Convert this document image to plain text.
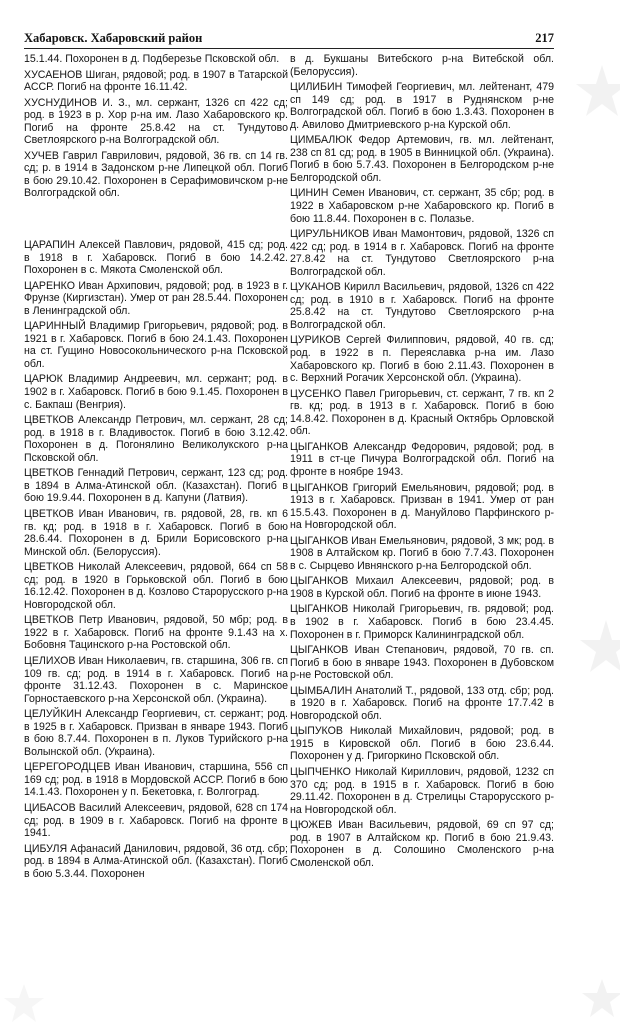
Хабаровск. Хабаровский район	217
15.1.44. Похоронен в д. Подберезье Псковской обл.
ХУСАЕНОВ Шиган, рядовой; род. в 1907 в Татарской АССР. Погиб на фронте 16.11.42.
ХУСНУДИНОВ И. З., мл. сержант, 1326 сп 422 сд; род. в 1923 в р. Хор р-на им. Лазо Хабаровского кр. Погиб на фронте 25.8.42 на ст. Тундутово Светлоярского р-на Волгоградской обл.
ХУЧЕВ Гаврил Гаврилович, рядовой, 36 гв. сп 14 гв. сд; р. в 1914 в Задонском р-не Липецкой обл. Погиб в бою 29.10.42. Похоронен в Серафимовичском р-не Волгоградской обл.
ЦАРАПИН Алексей Павлович, рядовой, 415 сд; род. в 1918 в г. Хабаровск. Погиб в бою 14.2.42. Похоронен в с. Мякота Смоленской обл.
ЦАРЕНКО Иван Архипович, рядовой; род. в 1923 в г. Фрунзе (Киргизстан). Умер от ран 28.5.44. Похоронен в Ленинградской обл.
ЦАРИННЫЙ Владимир Григорьевич, рядовой; род. в 1921 в г. Хабаровск. Погиб в бою 24.1.43. Похоронен на ст. Гущино Новосокольнического р-на Псковской обл.
ЦАРЮК Владимир Андреевич, мл. сержант; род. в 1902 в г. Хабаровск. Погиб в бою 9.1.45. Похоронен в с. Бакпаш (Венгрия).
ЦВЕТКОВ Александр Петрович, мл. сержант, 28 сд; род. в 1918 в г. Владивосток. Погиб в бою 3.12.42. Похоронен в д. Погонялино Великолукского р-на Псковской обл.
ЦВЕТКОВ Геннадий Петрович, сержант, 123 сд; род. в 1894 в Алма-Атинской обл. (Казахстан). Погиб в бою 19.9.44. Похоронен в д. Капуни (Латвия).
ЦВЕТКОВ Иван Иванович, гв. рядовой, 28, гв. кп 6 гв. кд; род. в 1918 в г. Хабаровск. Погиб в бою 28.6.44. Похоронен в д. Брили Борисовского р-на Минской обл. (Белоруссия).
ЦВЕТКОВ Николай Алексеевич, рядовой, 664 сп 58 сд; род. в 1920 в Горьковской обл. Погиб в бою 16.12.42. Похоронен в д. Козлово Старорусского р-на Новгородской обл.
ЦВЕТКОВ Петр Иванович, рядовой, 50 мбр; род. в 1922 в г. Хабаровск. Погиб на фронте 9.1.43 на х. Бобовня Тацинского р-на Ростовской обл.
ЦЕЛИХОВ Иван Николаевич, гв. старшина, 306 гв. сп 109 гв. сд; род. в 1914 в г. Хабаровск. Погиб на фронте 31.12.43. Похоронен в с. Маринское Горностаевского р-на Херсонской обл. (Украина).
ЦЕЛУЙКИН Александр Георгиевич, ст. сержант; род. в 1925 в г. Хабаровск. Призван в январе 1943. Погиб в бою 8.7.44. Похоронен в п. Луков Турийского р-на Волынской обл. (Украина).
ЦЕРЕГОРОДЦЕВ Иван Иванович, старшина, 556 сп 169 сд; род. в 1918 в Мордовской АССР. Погиб в бою 14.1.43. Похоронен у п. Бекетовка, г. Волгоград.
ЦИБАСОВ Василий Алексеевич, рядовой, 628 сп 174 сд; род. в 1909 в г. Хабаровск. Погиб на фронте в 1941.
ЦИБУЛЯ Афанасий Данилович, рядовой, 36 отд. сбр; род. в 1894 в Алма-Атинской обл. (Казахстан). Погиб в бою 5.3.44. Похоронен
в д. Букшаны Витебского р-на Витебской обл. (Белоруссия).
ЦИЛИБИН Тимофей Георгиевич, мл. лейтенант, 479 сп 149 сд; род. в 1917 в Руднянском р-не Волгоградской обл. Погиб в бою 1.3.43. Похоронен в д. Авилово Дмитриевского р-на Курской обл.
ЦИМБАЛЮК Федор Артемович, гв. мл. лейтенант, 238 сп 81 сд; род. в 1905 в Винницкой обл. (Украина). Погиб в бою 5.7.43. Похоронен в Белгородском р-не Белгородской обл.
ЦИНИН Семен Иванович, ст. сержант, 35 сбр; род. в 1922 в Хабаровском р-не Хабаровского кр. Погиб в бою 11.8.44. Похоронен в с. Полазье.
ЦИРУЛЬНИКОВ Иван Мамонтович, рядовой, 1326 сп 422 сд; род. в 1914 в г. Хабаровск. Погиб на фронте 27.8.42 на ст. Тундутово Светлоярского р-на Волгоградской обл.
ЦУКАНОВ Кирилл Васильевич, рядовой, 1326 сп 422 сд; род. в 1910 в г. Хабаровск. Погиб на фронте 25.8.42 на ст. Тундутово Светлоярского р-на Волгоградской обл.
ЦУРИКОВ Сергей Филиппович, рядовой, 40 гв. сд; род. в 1922 в п. Переяславка р-на им. Лазо Хабаровского кр. Погиб в бою 2.11.43. Похоронен в с. Верхний Рогачик Херсонской обл. (Украина).
ЦУСЕНКО Павел Григорьевич, ст. сержант, 7 гв. кп 2 гв. кд; род. в 1913 в г. Хабаровск. Погиб в бою 14.8.42. Похоронен в д. Красный Октябрь Орловской обл.
ЦЫГАНКОВ Александр Федорович, рядовой; род. в 1911 в ст-це Пичура Волгоградской обл. Погиб на фронте в ноябре 1943.
ЦЫГАНКОВ Григорий Емельянович, рядовой; род. в 1913 в г. Хабаровск. Призван в 1941. Умер от ран 15.5.43. Похоронен в д. Мануйлово Парфинского р-на Новгородской обл.
ЦЫГАНКОВ Иван Емельянович, рядовой, 3 мк; род. в 1908 в Алтайском кр. Погиб в бою 7.7.43. Похоронен в с. Сырцево Ивнянского р-на Белгородской обл.
ЦЫГАНКОВ Михаил Алексеевич, рядовой; род. в 1908 в Курской обл. Погиб на фронте в июне 1943.
ЦЫГАНКОВ Николай Григорьевич, гв. рядовой; род. в 1902 в г. Хабаровск. Погиб в бою 23.4.45. Похоронен в г. Приморск Калининградской обл.
ЦЫГАНКОВ Иван Степанович, рядовой, 70 гв. сп. Погиб в бою в январе 1943. Похоронен в Дубовском р-не Ростовской обл.
ЦЫМБАЛИН Анатолий Т., рядовой, 133 отд. сбр; род. в 1920 в г. Хабаровск. Погиб на фронте 17.7.42 в Новгородской обл.
ЦЫПУКОВ Николай Михайлович, рядовой; род. в 1915 в Кировской обл. Погиб в бою 23.6.44. Похоронен у д. Григоркино Псковской обл.
ЦЫПЧЕНКО Николай Кириллович, рядовой, 1232 сп 370 сд; род. в 1915 в г. Хабаровск. Погиб в бою 29.11.42. Похоронен в д. Стрелицы Старорусского р-на Новгородской обл.
ЦЮЖЕВ Иван Васильевич, рядовой, 69 сп 97 сд; род. в 1907 в Алтайском кр. Погиб в бою 21.9.43. Похоронен в д. Солошино Смоленского р-на Смоленской обл.
